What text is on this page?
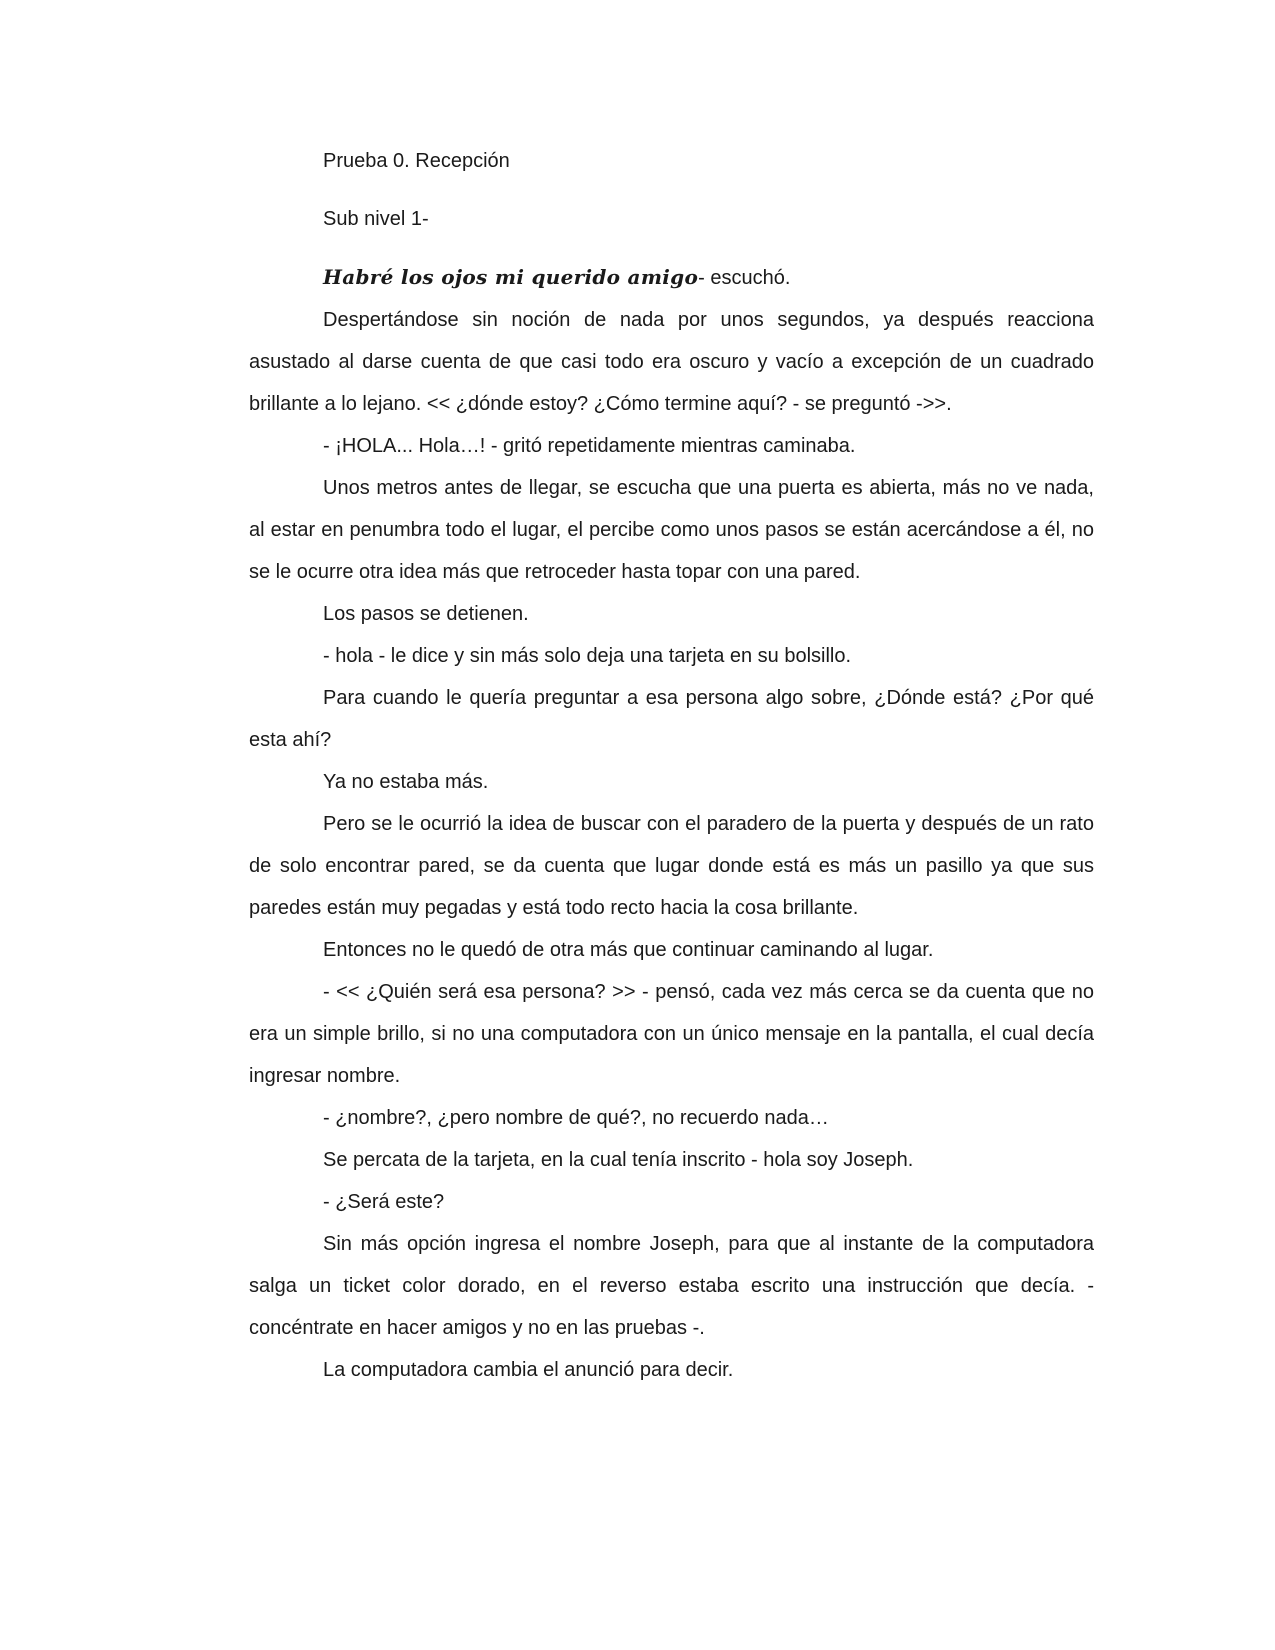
Prueba 0. Recepción

Sub nivel 1-

Habré los ojos mi querido amigo- escuchó.

Despertándose sin noción de nada por unos segundos, ya después reacciona asustado al darse cuenta de que casi todo era oscuro y vacío a excepción de un cuadrado brillante a lo lejano. << ¿dónde estoy? ¿Cómo termine aquí? - se preguntó ->>.

- ¡HOLA... Hola…! - gritó repetidamente mientras caminaba.

Unos metros antes de llegar, se escucha que una puerta es abierta, más no ve nada, al estar en penumbra todo el lugar, el percibe como unos pasos se están acercándose a él, no se le ocurre otra idea más que retroceder hasta topar con una pared.

Los pasos se detienen.

- hola - le dice y sin más solo deja una tarjeta en su bolsillo.

Para cuando le quería preguntar a esa persona algo sobre, ¿Dónde está? ¿Por qué esta ahí?

Ya no estaba más.

Pero se le ocurrió la idea de buscar con el paradero de la puerta y después de un rato de solo encontrar pared, se da cuenta que lugar donde está es más un pasillo ya que sus paredes están muy pegadas y está todo recto hacia la cosa brillante.

Entonces no le quedó de otra más que continuar caminando al lugar.

- << ¿Quién será esa persona? >> - pensó, cada vez más cerca se da cuenta que no era un simple brillo, si no una computadora con un único mensaje en la pantalla, el cual decía ingresar nombre.

- ¿nombre?, ¿pero nombre de qué?, no recuerdo nada…

Se percata de la tarjeta, en la cual tenía inscrito - hola soy Joseph.

- ¿Será este?

Sin más opción ingresa el nombre Joseph, para que al instante de la computadora salga un ticket color dorado, en el reverso estaba escrito una instrucción que decía. - concéntrate en hacer amigos y no en las pruebas -.

La computadora cambia el anunció para decir.
